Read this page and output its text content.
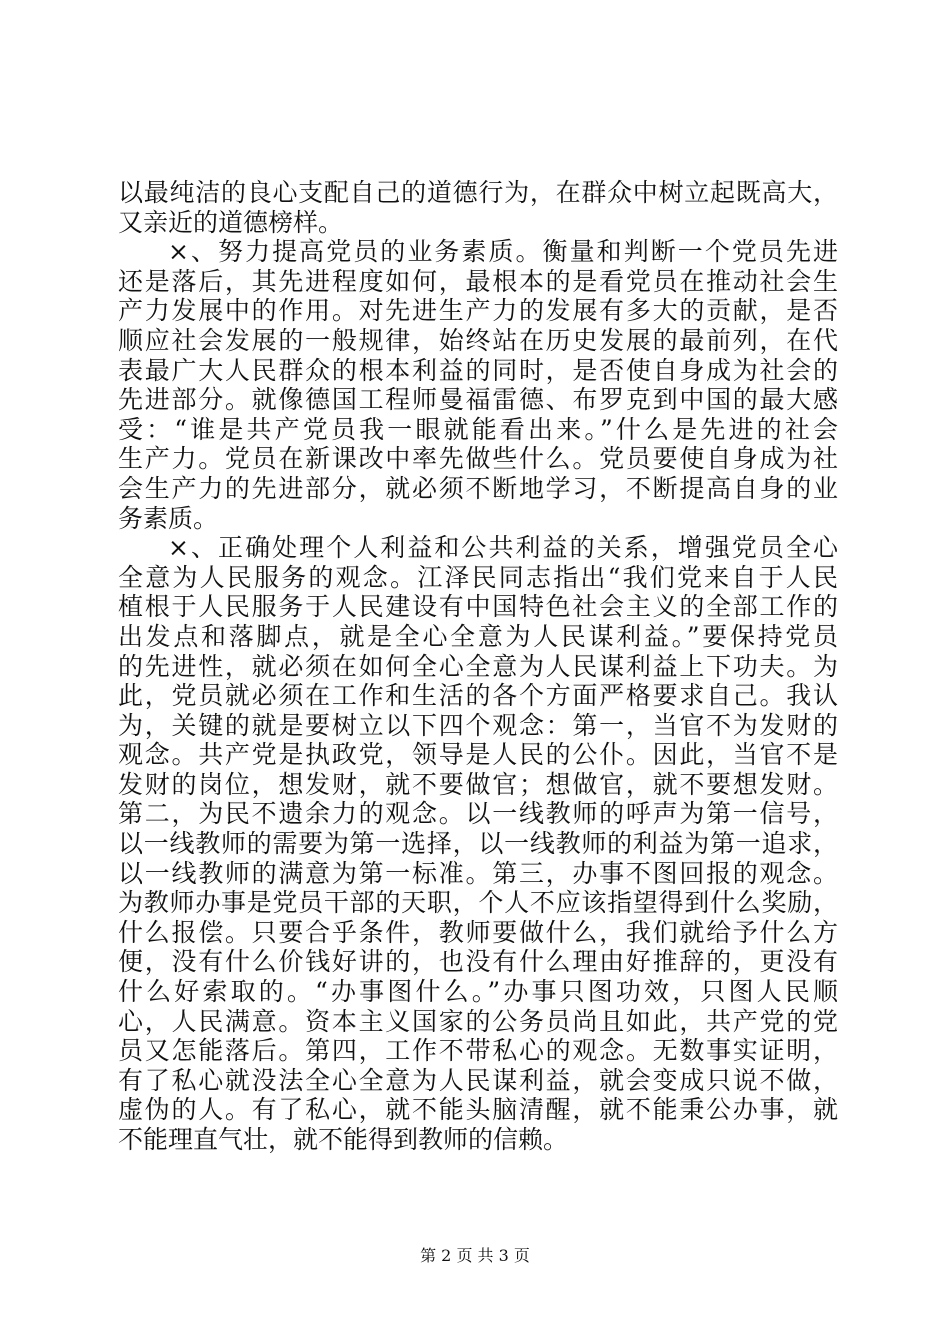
以最纯洁的良心支配自己的道德行为，在群众中树立起既高大，
又亲近的道德榜样。
×、努力提高党员的业务素质。衡量和判断一个党员先进
还是落后，其先进程度如何，最根本的是看党员在推动社会生
产力发展中的作用。对先进生产力的发展有多大的贡献，是否
顺应社会发展的一般规律，始终站在历史发展的最前列，在代
表最广大人民群众的根本利益的同时，是否使自身成为社会的
先进部分。就像德国工程师曼福雷德、布罗克到中国的最大感
受：“谁是共产党员我一眼就能看出来。”什么是先进的社会
生产力。党员在新课改中率先做些什么。党员要使自身成为社
会生产力的先进部分，就必须不断地学习，不断提高自身的业
务素质。
×、正确处理个人利益和公共利益的关系，增强党员全心
全意为人民服务的观念。江泽民同志指出“我们党来自于人民
植根于人民服务于人民建设有中国特色社会主义的全部工作的
出发点和落脚点，就是全心全意为人民谋利益。”要保持党员
的先进性，就必须在如何全心全意为人民谋利益上下功夫。为
此，党员就必须在工作和生活的各个方面严格要求自己。我认
为，关键的就是要树立以下四个观念：第一，当官不为发财的
观念。共产党是执政党，领导是人民的公仆。因此，当官不是
发财的岗位，想发财，就不要做官；想做官，就不要想发财。
第二，为民不遗余力的观念。以一线教师的呼声为第一信号，
以一线教师的需要为第一选择，以一线教师的利益为第一追求，
以一线教师的满意为第一标准。第三，办事不图回报的观念。
为教师办事是党员干部的天职，个人不应该指望得到什么奖励，
什么报偿。只要合乎条件，教师要做什么，我们就给予什么方
便，没有什么价钱好讲的，也没有什么理由好推辞的，更没有
什么好索取的。“办事图什么。”办事只图功效，只图人民顺
心，人民满意。资本主义国家的公务员尚且如此，共产党的党
员又怎能落后。第四，工作不带私心的观念。无数事实证明，
有了私心就没法全心全意为人民谋利益，就会变成只说不做，
虚伪的人。有了私心，就不能头脑清醒，就不能秉公办事，就
不能理直气壮，就不能得到教师的信赖。
第 2 页 共 3 页
